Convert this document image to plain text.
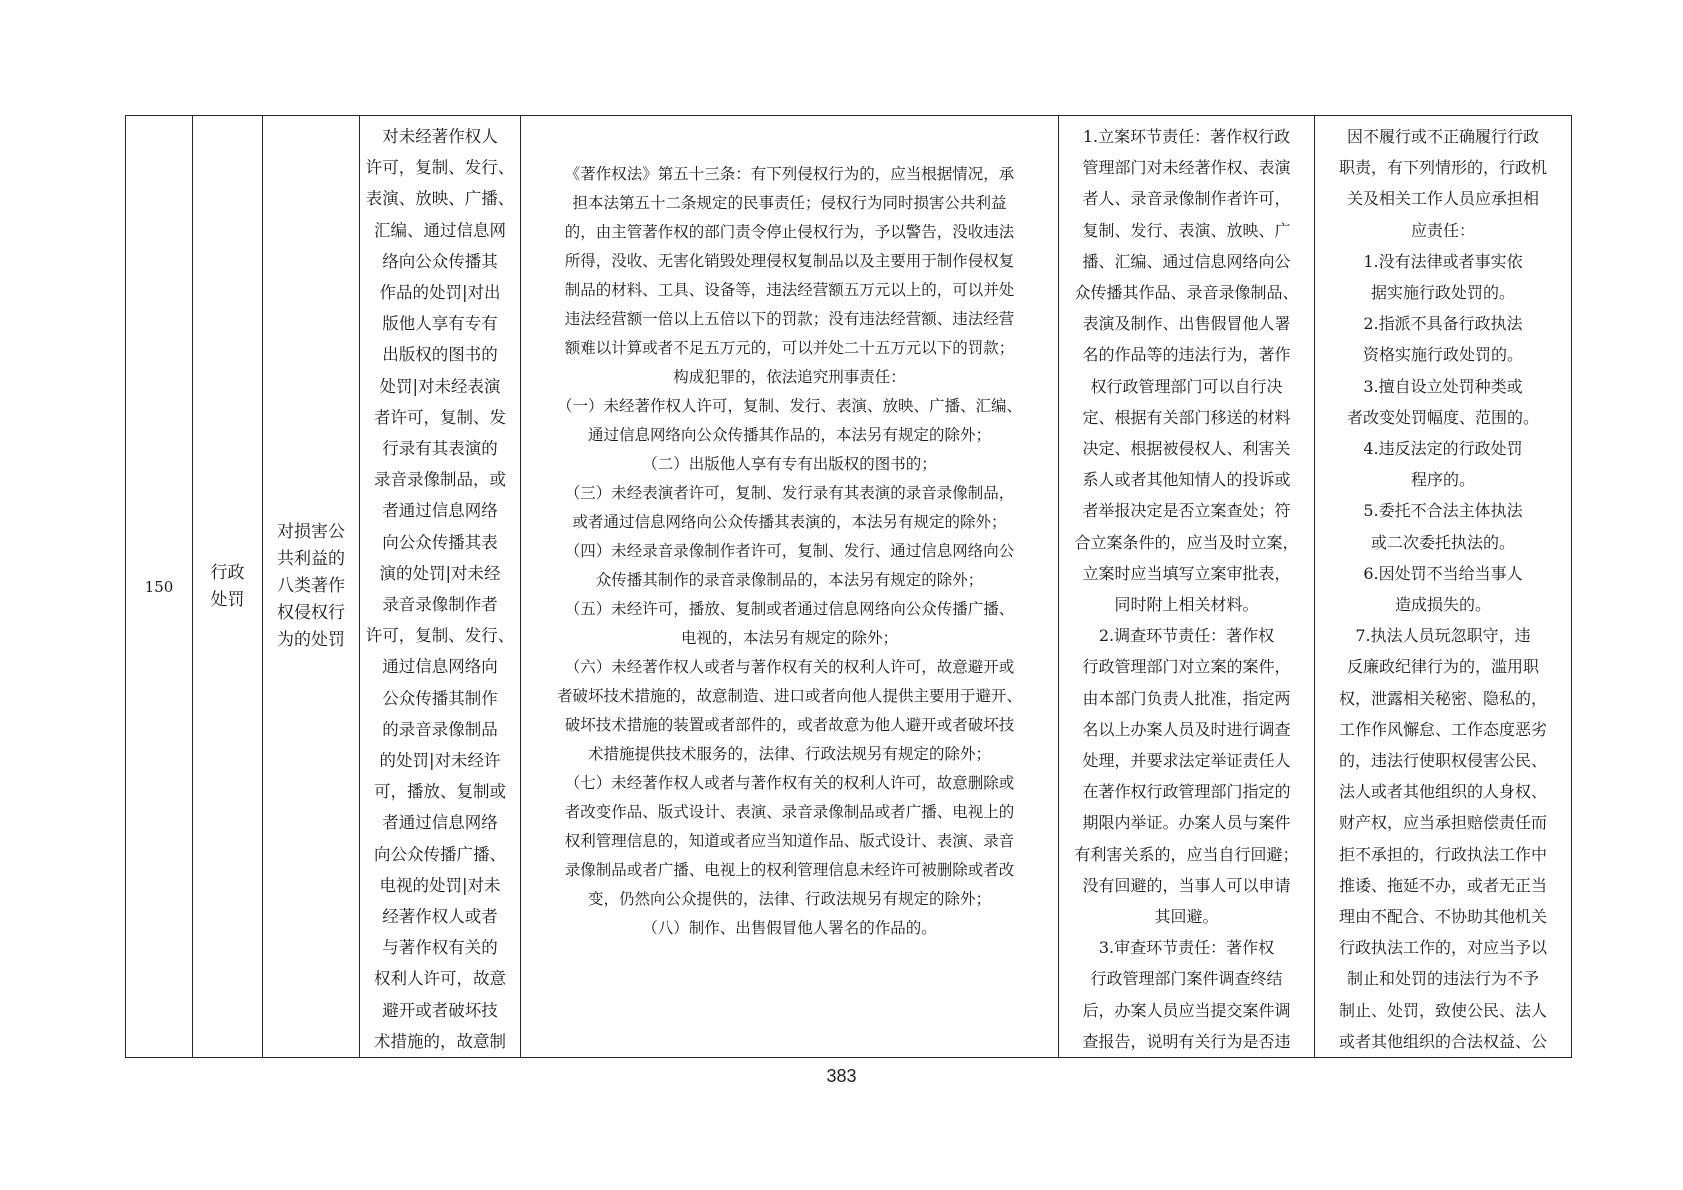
150	
行政
处罚

对损害公
共利益的
八类著作
权侵权行
为的处罚

对未经著作权人
许可，复制、发行、
表演、放映、广播、
汇编、通过信息网
络向公众传播其
作品的处罚|对出
版他人享有专有
出版权的图书的
处罚|对未经表演
者许可，复制、发
行录有其表演的
录音录像制品，或
者通过信息网络
向公众传播其表
演的处罚|对未经
录音录像制作者
许可，复制、发行、
通过信息网络向
公众传播其制作
的录音录像制品
的处罚|对未经许
可，播放、复制或
者通过信息网络
向公众传播广播、
电视的处罚|对未
经著作权人或者
与著作权有关的
权利人许可，故意
避开或者破坏技
术措施的，故意制

《著作权法》第五十三条：有下列侵权行为的，应当根据情况，承
担本法第五十二条规定的民事责任；侵权行为同时损害公共利益
的，由主管著作权的部门责令停止侵权行为，予以警告，没收违法
所得，没收、无害化销毁处理侵权复制品以及主要用于制作侵权复
制品的材料、工具、设备等，违法经营额五万元以上的，可以并处
违法经营额一倍以上五倍以下的罚款；没有违法经营额、违法经营
额难以计算或者不足五万元的，可以并处二十五万元以下的罚款；
构成犯罪的，依法追究刑事责任：
（一）未经著作权人许可，复制、发行、表演、放映、广播、汇编、
通过信息网络向公众传播其作品的，本法另有规定的除外；
（二）出版他人享有专有出版权的图书的；
（三）未经表演者许可，复制、发行录有其表演的录音录像制品，
或者通过信息网络向公众传播其表演的，本法另有规定的除外；
（四）未经录音录像制作者许可，复制、发行、通过信息网络向公
众传播其制作的录音录像制品的，本法另有规定的除外；
（五）未经许可，播放、复制或者通过信息网络向公众传播广播、
电视的，本法另有规定的除外；
（六）未经著作权人或者与著作权有关的权利人许可，故意避开或
者破坏技术措施的，故意制造、进口或者向他人提供主要用于避开、
破坏技术措施的装置或者部件的，或者故意为他人避开或者破坏技
术措施提供技术服务的，法律、行政法规另有规定的除外；
（七）未经著作权人或者与著作权有关的权利人许可，故意删除或
者改变作品、版式设计、表演、录音录像制品或者广播、电视上的
权利管理信息的，知道或者应当知道作品、版式设计、表演、录音
录像制品或者广播、电视上的权利管理信息未经许可被删除或者改
变，仍然向公众提供的，法律、行政法规另有规定的除外；
（八）制作、出售假冒他人署名的作品的。

1.立案环节责任：著作权行政
管理部门对未经著作权、表演
者人、录音录像制作者许可，
复制、发行、表演、放映、广
播、汇编、通过信息网络向公
众传播其作品、录音录像制品、
表演及制作、出售假冒他人署
名的作品等的违法行为，著作
权行政管理部门可以自行决
定、根据有关部门移送的材料
决定、根据被侵权人、利害关
系人或者其他知情人的投诉或
者举报决定是否立案查处；符
合立案条件的，应当及时立案，
立案时应当填写立案审批表，
同时附上相关材料。
2.调查环节责任：著作权
行政管理部门对立案的案件，
由本部门负责人批准，指定两
名以上办案人员及时进行调查
处理，并要求法定举证责任人
在著作权行政管理部门指定的
期限内举证。办案人员与案件
有利害关系的，应当自行回避；
没有回避的，当事人可以申请
其回避。
3.审查环节责任：著作权
行政管理部门案件调查终结
后，办案人员应当提交案件调
查报告，说明有关行为是否违

因不履行或不正确履行行政
职责，有下列情形的，行政机
关及相关工作人员应承担相
应责任：
1.没有法律或者事实依
据实施行政处罚的。
2.指派不具备行政执法
资格实施行政处罚的。
3.擅自设立处罚种类或
者改变处罚幅度、范围的。
4.违反法定的行政处罚
程序的。
5.委托不合法主体执法
或二次委托执法的。
6.因处罚不当给当事人
造成损失的。
7.执法人员玩忽职守，违
反廉政纪律行为的，滥用职
权，泄露相关秘密、隐私的，
工作作风懈怠、工作态度恶劣
的，违法行使职权侵害公民、
法人或者其他组织的人身权、
财产权，应当承担赔偿责任而
拒不承担的，行政执法工作中
推诿、拖延不办，或者无正当
理由不配合、不协助其他机关
行政执法工作的，对应当予以
制止和处罚的违法行为不予
制止、处罚，致使公民、法人
或者其他组织的合法权益、公
383
